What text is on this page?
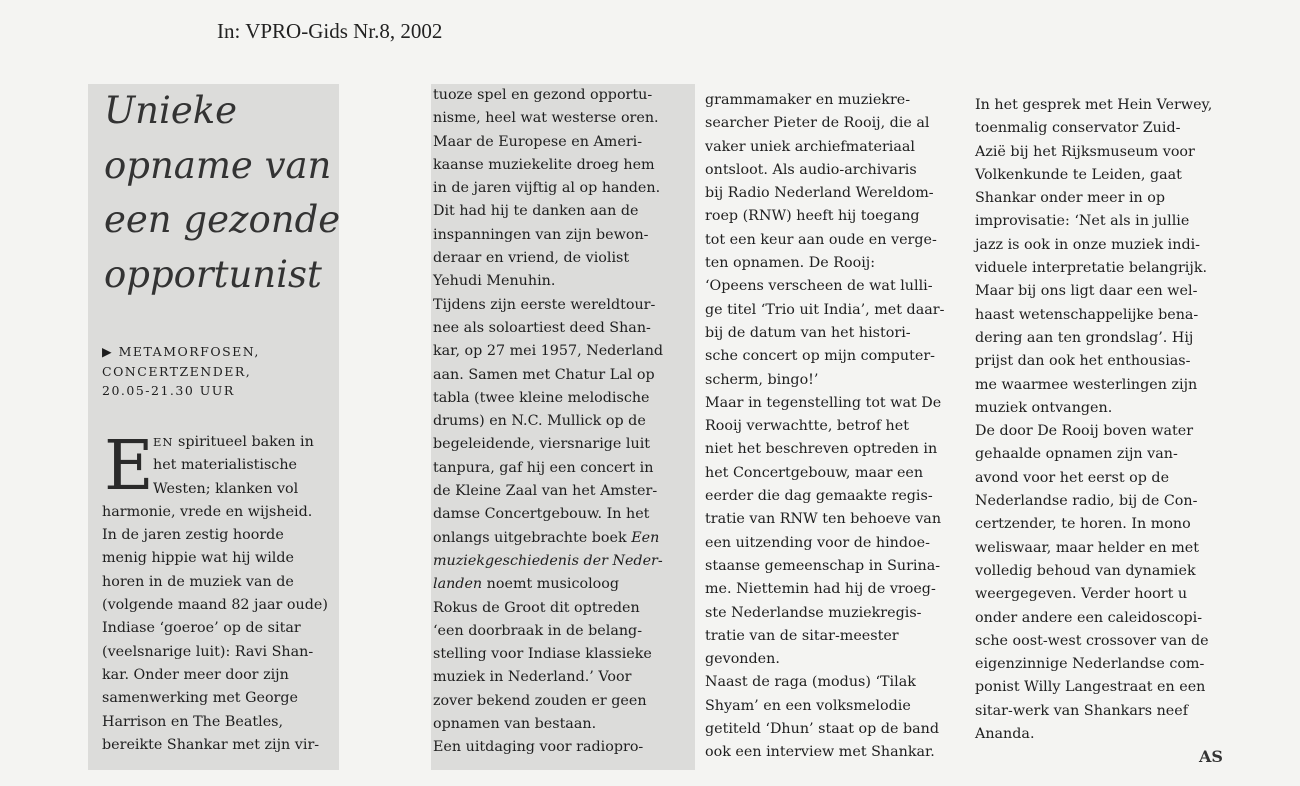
In: VPRO-Gids Nr.8, 2002
Unieke
opname van
een gezonde
opportunist
▶ METAMORFOSEN,
CONCERTZENDER,
20.05-21.30 UUR
E EN spiritueel baken in
het materialistische
Westen; klanken vol
harmonie, vrede en wijsheid.
In de jaren zestig hoorde
menig hippie wat hij wilde
horen in de muziek van de
(volgende maand 82 jaar oude)
Indiase ‘goeroe’ op de sitar
(veelsnarige luit): Ravi Shan-
kar. Onder meer door zijn
samenwerking met George
Harrison en The Beatles,
bereikte Shankar met zijn vir-
tuoze spel en gezond opportu-
nisme, heel wat westerse oren.
Maar de Europese en Ameri-
kaanse muziekelite droeg hem
in de jaren vijftig al op handen.
Dit had hij te danken aan de
inspanningen van zijn bewon-
deraar en vriend, de violist
Yehudi Menuhin.
Tijdens zijn eerste wereldtour-
nee als soloartiest deed Shan-
kar, op 27 mei 1957, Nederland
aan. Samen met Chatur Lal op
tabla (twee kleine melodische
drums) en N.C. Mullick op de
begeleidende, viersnarige luit
tanpura, gaf hij een concert in
de Kleine Zaal van het Amster-
damse Concertgebouw. In het
onlangs uitgebrachte boek Een
muziekgeschiedenis der Neder-
landen noemt musicoloog
Rokus de Groot dit optreden
‘een doorbraak in de belang-
stelling voor Indiase klassieke
muziek in Nederland.’ Voor
zover bekend zouden er geen
opnamen van bestaan.
Een uitdaging voor radiopro-
grammamaker en muziekre-
searcher Pieter de Rooij, die al
vaker uniek archiefmateriaal
ontsloot. Als audio-archivaris
bij Radio Nederland Wereldom-
roep (RNW) heeft hij toegang
tot een keur aan oude en verge-
ten opnamen. De Rooij:
‘Opeens verscheen de wat lulli-
ge titel ‘Trio uit India’, met daar-
bij de datum van het histori-
sche concert op mijn computer-
scherm, bingo!’
Maar in tegenstelling tot wat De
Rooij verwachtte, betrof het
niet het beschreven optreden in
het Concertgebouw, maar een
eerder die dag gemaakte regis-
tratie van RNW ten behoeve van
een uitzending voor de hindoe-
staanse gemeenschap in Surina-
me. Niettemin had hij de vroeg-
ste Nederlandse muziekregis-
tratie van de sitar-meester
gevonden.
Naast de raga (modus) ‘Tilak
Shyam’ en een volksmelodie
getiteld ‘Dhun’ staat op de band
ook een interview met Shankar.
In het gesprek met Hein Verwey,
toenmalig conservator Zuid-
Azië bij het Rijksmuseum voor
Volkenkunde te Leiden, gaat
Shankar onder meer in op
improvisatie: ‘Net als in jullie
jazz is ook in onze muziek indi-
viduele interpretatie belangrijk.
Maar bij ons ligt daar een wel-
haast wetenschappelijke bena-
dering aan ten grondslag’. Hij
prijst dan ook het enthousias-
me waarmee westerlingen zijn
muziek ontvangen.
De door De Rooij boven water
gehaalde opnamen zijn van-
avond voor het eerst op de
Nederlandse radio, bij de Con-
certzender, te horen. In mono
weliswaar, maar helder en met
volledig behoud van dynamiek
weergegeven. Verder hoort u
onder andere een caleidoscopi-
sche oost-west crossover van de
eigenzinnige Nederlandse com-
ponist Willy Langestraat en een
sitar-werk van Shankars neef
Ananda.
AS
